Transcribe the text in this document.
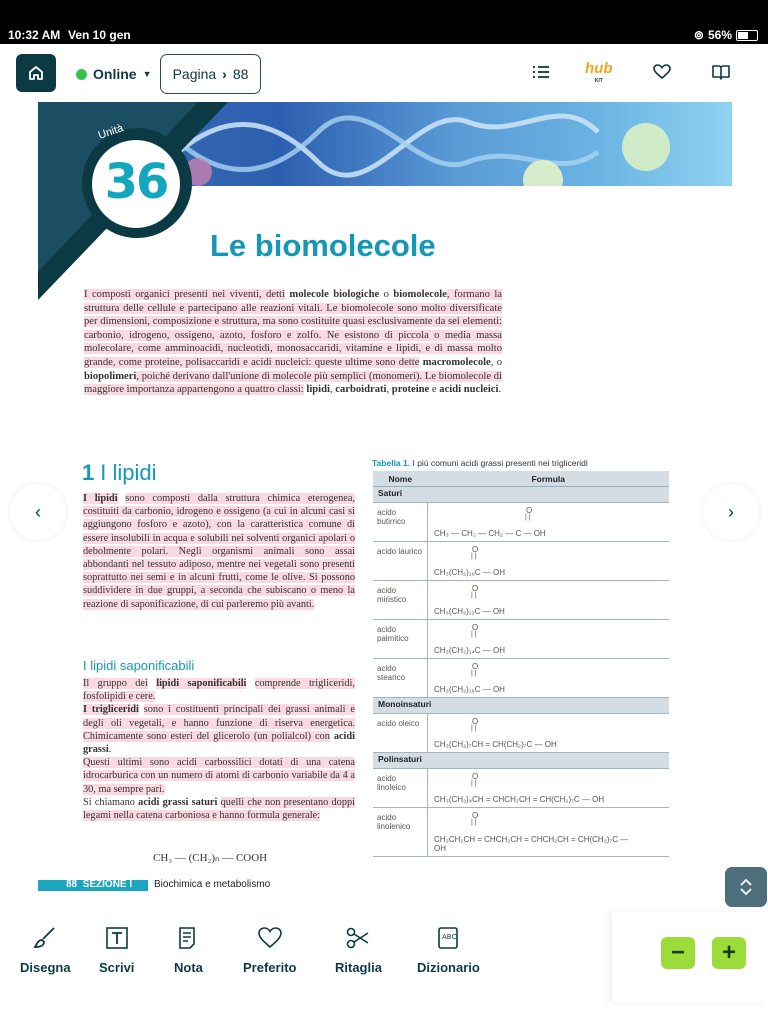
10:32 AM Ven 10 gen	⊚ 56%
Online ▼ Pagina › 88	hub
KIT
Unità
36
Le biomolecole
I composti organici presenti nei viventi, detti molecole biologiche o biomolecole, formano la struttura delle cellule e partecipano alle reazioni vitali. Le biomolecole sono molto diversificate per dimensioni, composizione e struttura, ma sono costituite quasi esclusivamente da sei elementi: carbonio, idrogeno, ossigeno, azoto, fosforo e zolfo. Ne esistono di piccola o media massa molecolare, come amminoacidi, nucleotidi, monosaccaridi, vitamine e lipidi, e di massa molto grande, come proteine, polisaccaridi e acidi nucleici: queste ultime sono dette macromolecole, o biopolimeri, poiché derivano dall'unione di molecole più semplici (monomeri). Le biomolecole di maggiore importanza appartengono a quattro classi: lipidi, carboidrati, proteine e acidi nucleici.
1 I lipidi
I lipidi sono composti dalla struttura chimica eterogenea, costituiti da carbonio, idrogeno e ossigeno (a cui in alcuni casi si aggiungono fosforo e azoto), con la caratteristica comune di essere insolubili in acqua e solubili nei solventi organici apolari o debolmente polari. Negli organismi animali sono assai abbondanti nel tessuto adiposo, mentre nei vegetali sono presenti soprattutto nei semi e in alcuni frutti, come le olive. Si possono suddividere in due gruppi, a seconda che subiscano o meno la reazione di saponificazione, di cui parleremo più avanti.
I lipidi saponificabili
Il gruppo dei lipidi saponificabili comprende trigliceridi, fosfolipidi e cere.
I trigliceridi sono i costituenti principali dei grassi animali e degli oli vegetali, e hanno funzione di riserva energetica. Chimicamente sono esteri del glicerolo (un polialcol) con acidi grassi.
Questi ultimi sono acidi carbossilici dotati di una catena idrocarburica con un numero di atomi di carbonio variabile da 4 a 30, ma sempre pari.
Si chiamano acidi grassi saturi quelli che non presentano doppi legami nella catena carboniosa e hanno formula generale:
CH₃ — (CH₂)ₙ — COOH
Tabella 1. I più comuni acidi grassi presenti nei trigliceridi
Nome	Formula
Saturi	
acido butirrico	O
| |
CH₃ — CH₂ — CH₂ — C — OH

acido laurico	O
| |
CH₃(CH₂)₁₀C — OH

acido miristico	O
| |
CH₃(CH₂)₁₂C — OH

acido palmitico	O
| |
CH₃(CH₂)₁₄C — OH

acido stearico	O
| |
CH₃(CH₂)₁₆C — OH

Monoinsaturi	
acido oleico	O
| |
CH₃(CH₂)₇CH = CH(CH₂)₇C — OH

Polinsaturi	
acido linoleico	O
| |
CH₃(CH₂)₄CH = CHCH₂CH = CH(CH₂)₇C — OH

acido linolenico	O
| |
CH₃CH₂CH = CHCH₂CH = CHCH₂CH = CH(CH₂)₇C — OH
88 SEZIONE I Biochimica e metabolismo
‹	›
Disegna Scrivi	Nota	Preferito	Ritaglia
ABC
Dizionario
− +
